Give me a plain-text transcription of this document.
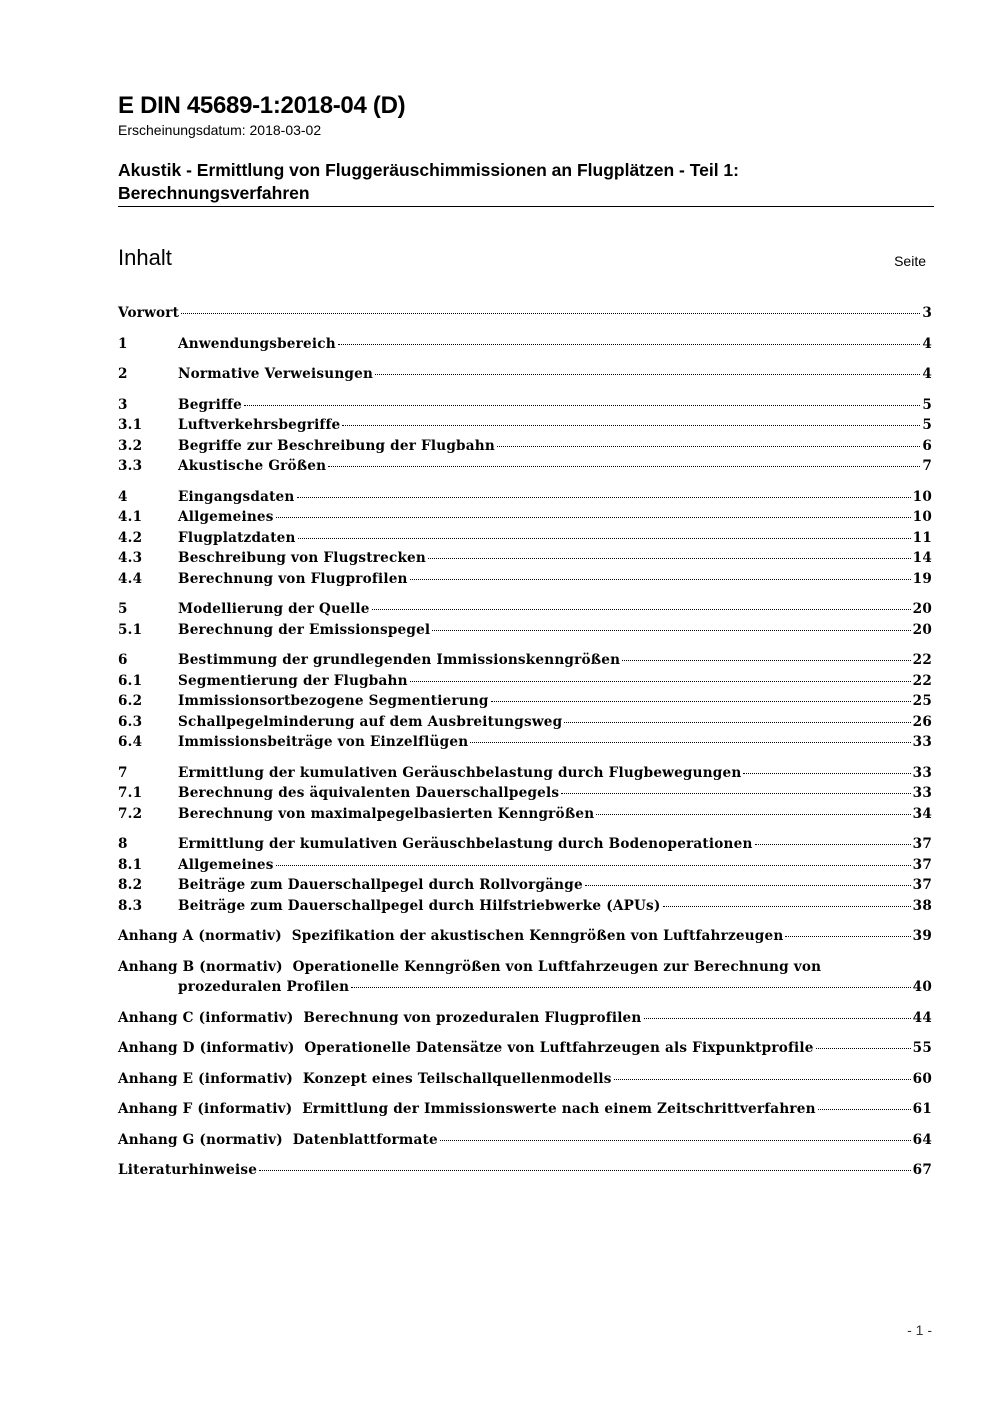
E DIN 45689-1:2018-04 (D)
Erscheinungsdatum: 2018-03-02
Akustik - Ermittlung von Fluggeräuschimmissionen an Flugplätzen - Teil 1:
Berechnungsverfahren
Inhalt	Seite
Vorwort	3
1	Anwendungsbereich	4
2	Normative Verweisungen	4
3	Begriffe	5
3.1	Luftverkehrsbegriffe	5
3.2	Begriffe zur Beschreibung der Flugbahn	6
3.3	Akustische Größen	7
4	Eingangsdaten	10
4.1	Allgemeines	10
4.2	Flugplatzdaten	11
4.3	Beschreibung von Flugstrecken	14
4.4	Berechnung von Flugprofilen	19
5	Modellierung der Quelle	20
5.1	Berechnung der Emissionspegel	20
6	Bestimmung der grundlegenden Immissionskenngrößen	22
6.1	Segmentierung der Flugbahn	22
6.2	Immissionsortbezogene Segmentierung	25
6.3	Schallpegelminderung auf dem Ausbreitungsweg	26
6.4	Immissionsbeiträge von Einzelflügen	33
7	Ermittlung der kumulativen Geräuschbelastung durch Flugbewegungen	33
7.1	Berechnung des äquivalenten Dauerschallpegels	33
7.2	Berechnung von maximalpegelbasierten Kenngrößen	34
8	Ermittlung der kumulativen Geräuschbelastung durch Bodenoperationen	37
8.1	Allgemeines	37
8.2	Beiträge zum Dauerschallpegel durch Rollvorgänge	37
8.3	Beiträge zum Dauerschallpegel durch Hilfstriebwerke (APUs)	38
Anhang A (normativ)  Spezifikation der akustischen Kenngrößen von Luftfahrzeugen	39
Anhang B (normativ)  Operationelle Kenngrößen von Luftfahrzeugen zur Berechnung von
prozeduralen Profilen	40
Anhang C (informativ)  Berechnung von prozeduralen Flugprofilen	44
Anhang D (informativ)  Operationelle Datensätze von Luftfahrzeugen als Fixpunktprofile	55
Anhang E (informativ)  Konzept eines Teilschallquellenmodells	60
Anhang F (informativ)  Ermittlung der Immissionswerte nach einem Zeitschrittverfahren	61
Anhang G (normativ)  Datenblattformate	64
Literaturhinweise	67
- 1 -
